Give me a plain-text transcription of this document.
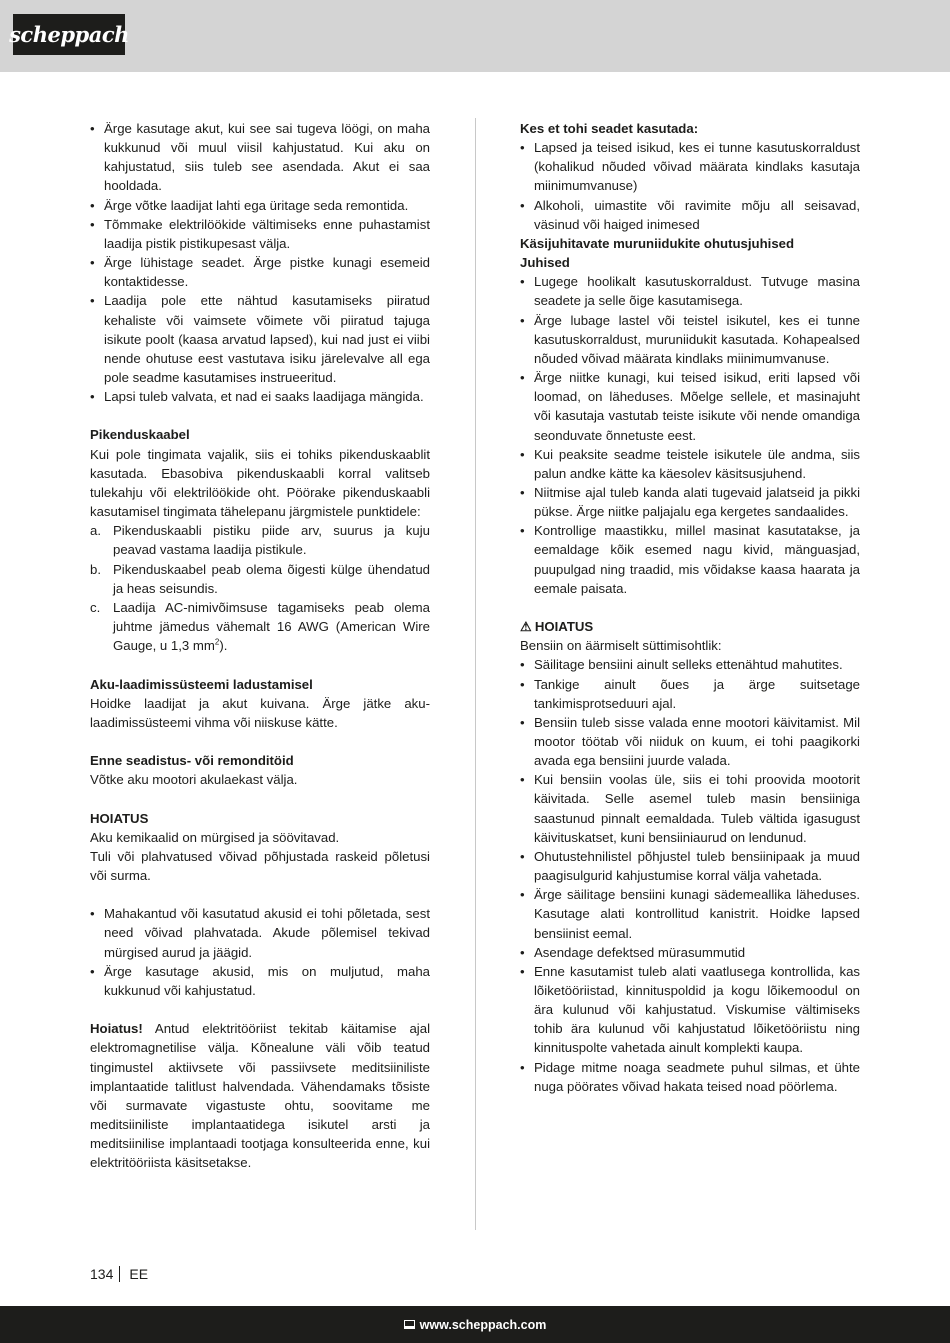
scheppach
• Ärge kasutage akut, kui see sai tugeva löögi, on maha kukkunud või muul viisil kahjustatud. Kui aku on kahjustatud, siis tuleb see asendada. Akut ei saa hooldada.
• Ärge võtke laadijat lahti ega üritage seda remontida.
• Tõmmake elektrilöökide vältimiseks enne puhastamist laadija pistik pistikupesast välja.
• Ärge lühistage seadet. Ärge pistke kunagi esemeid kontaktidesse.
• Laadija pole ette nähtud kasutamiseks piiratud kehaliste või vaimsete võimete või piiratud tajuga isikute poolt (kaasa arvatud lapsed), kui nad just ei viibi nende ohutuse eest vastutava isiku järelevalve all ega pole seadme kasutamises instrueeritud.
• Lapsi tuleb valvata, et nad ei saaks laadijaga mängida.

Pikenduskaabel

Kui pole tingimata vajalik, siis ei tohiks pikenduskaablit kasutada. Ebasobiva pikenduskaabli korral valitseb tulekahju või elektrilöökide oht. Pöörake pikenduskaabli kasutamisel tingimata tähelepanu järgmistele punktidele:

a. Pikenduskaabli pistiku piide arv, suurus ja kuju peavad vastama laadija pistikule.
b. Pikenduskaabel peab olema õigesti külge ühendatud ja heas seisundis.
c. Laadija AC-nimivõimsuse tagamiseks peab olema juhtme jämedus vähemalt 16 AWG (American Wire Gauge, u 1,3 $mm^2$).

Aku-laadimissüsteemi ladustamisel

Hoidke laadijat ja akut kuivana. Ärge jätke aku-laadimissüsteemi vihma või niiskuse kätte.

Enne seadistus- või remonditöid

Võtke aku mootori akulaekast välja.

HOIATUS

Aku kemikaalid on mürgised ja söövitavad.

Tuli või plahvatused võivad põhjustada raskeid põletusi või surma.

• Mahakantud või kasutatud akusid ei tohi põletada, sest need võivad plahvatada. Akude põlemisel tekivad mürgised aurud ja jäägid.
• Ärge kasutage akusid, mis on muljutud, maha kukkunud või kahjustatud.

Hoiatus! Antud elektritööriist tekitab käitamise ajal elektromagnetilise välja. Kõnealune väli võib teatud tingimustel aktiivsete või passiivsete meditsiiniliste implantaatide talitlust halvendada. Vähendamaks tõsiste või surmavate vigastuste ohtu, soovitame me meditsiiniliste implantaatidega isikutel arsti ja meditsiinilise implantaadi tootjaga konsulteerida enne, kui elektritööriista käsitsetakse.

Kes et tohi seadet kasutada:

• Lapsed ja teised isikud, kes ei tunne kasutuskorraldust (kohalikud nõuded võivad määrata kindlaks kasutaja miinimumvanuse)
• Alkoholi, uimastite või ravimite mõju all seisavad, väsinud või haiged inimesed

Käsijuhitavate muruniidukite ohutusjuhised

Juhised

• Lugege hoolikalt kasutuskorraldust. Tutvuge masina seadete ja selle õige kasutamisega.
• Ärge lubage lastel või teistel isikutel, kes ei tunne kasutuskorraldust, muruniidukit kasutada. Kohapealsed nõuded võivad määrata kindlaks miinimumvanuse.
• Ärge niitke kunagi, kui teised isikud, eriti lapsed või loomad, on läheduses. Mõelge sellele, et masinajuht või kasutaja vastutab teiste isikute või nende omandiga seonduvate õnnetuste eest.
• Kui peaksite seadme teistele isikutele üle andma, siis palun andke kätte ka käesolev käsitsusjuhend.
• Niitmise ajal tuleb kanda alati tugevaid jalatseid ja pikki pükse. Ärge niitke paljajalu ega kergetes sandaalides.
• Kontrollige maastikku, millel masinat kasutatakse, ja eemaldage kõik esemed nagu kivid, mänguasjad, puupulgad ning traadid, mis võidakse kaasa haarata ja eemale paisata.

⚠ HOIATUS

Bensiin on äärmiselt süttimisohtlik:

• Säilitage bensiini ainult selleks ettenähtud mahutites.
• Tankige ainult õues ja ärge suitsetage tankimisprotseduuri ajal.
• Bensiin tuleb sisse valada enne mootori käivitamist. Mil mootor töötab või niiduk on kuum, ei tohi paagikorki avada ega bensiini juurde valada.
• Kui bensiin voolas üle, siis ei tohi proovida mootorit käivitada. Selle asemel tuleb masin bensiiniga saastunud pinnalt eemaldada. Tuleb vältida igasugust käivituskatset, kuni bensiiniaurud on lendunud.
• Ohutustehnilistel põhjustel tuleb bensiinipaak ja muud paagisulgurid kahjustumise korral välja vahetada.
• Ärge säilitage bensiini kunagi sädemeallika läheduses. Kasutage alati kontrollitud kanistrit. Hoidke lapsed bensiinist eemal.
• Asendage defektsed mürasummutid
• Enne kasutamist tuleb alati vaatlusega kontrollida, kas lõiketööriistad, kinnituspoldid ja kogu lõikemoodul on ära kulunud või kahjustatud. Viskumise vältimiseks tohib ära kulunud või kahjustatud lõiketööriistu ning kinnituspolte vahetada ainult komplekti kaupa.
• Pidage mitme noaga seadmete puhul silmas, et ühte nuga pöörates võivad hakata teised noad pöörlema.
134 EE
www.scheppach.com
